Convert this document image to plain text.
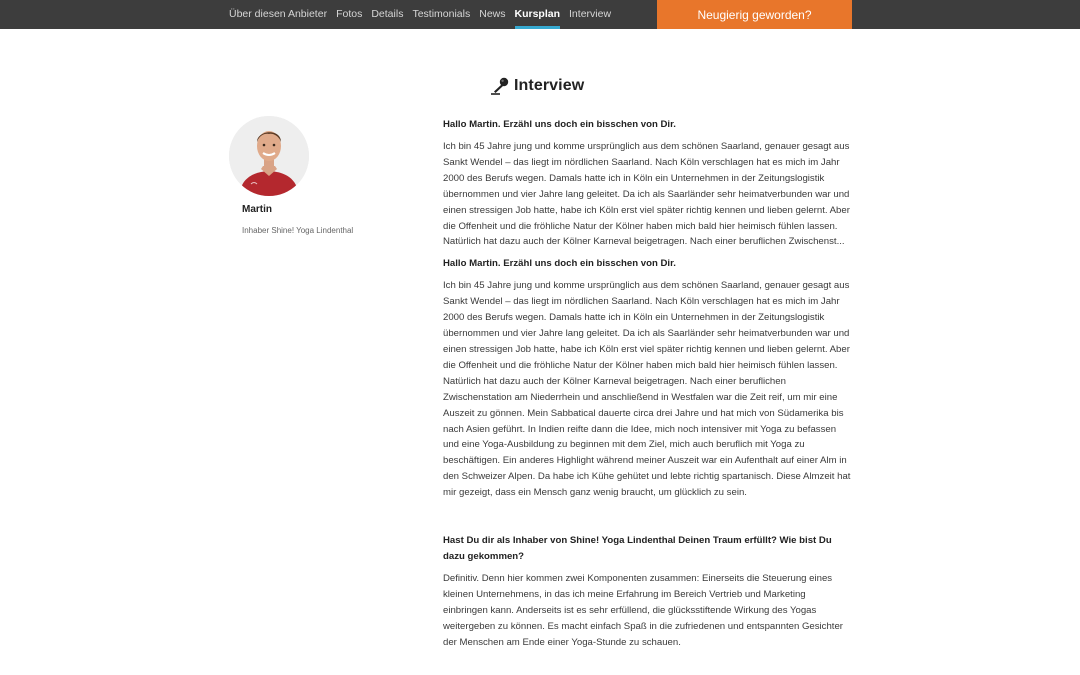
Über diesen Anbieter Fotos Details Testimonials News Kursplan Interview	Neugierig geworden?
Interview
Martin
Inhaber Shine! Yoga Lindenthal

Hallo Martin. Erzähl uns doch ein bisschen von Dir.

Ich bin 45 Jahre jung und komme ursprünglich aus dem schönen Saarland, genauer gesagt aus Sankt Wendel – das liegt im nördlichen Saarland. Nach Köln verschlagen hat es mich im Jahr 2000 des Berufs wegen. Damals hatte ich in Köln ein Unternehmen in der Zeitungslogistik übernommen und vier Jahre lang geleitet. Da ich als Saarländer sehr heimatverbunden war und einen stressigen Job hatte, habe ich Köln erst viel später richtig kennen und lieben gelernt. Aber die Offenheit und die fröhliche Natur der Kölner haben mich bald hier heimisch fühlen lassen. Natürlich hat dazu auch der Kölner Karneval beigetragen. Nach einer beruflichen Zwischenst...

Hallo Martin. Erzähl uns doch ein bisschen von Dir.

Ich bin 45 Jahre jung und komme ursprünglich aus dem schönen Saarland, genauer gesagt aus Sankt Wendel – das liegt im nördlichen Saarland. Nach Köln verschlagen hat es mich im Jahr 2000 des Berufs wegen. Damals hatte ich in Köln ein Unternehmen in der Zeitungslogistik übernommen und vier Jahre lang geleitet. Da ich als Saarländer sehr heimatverbunden war und einen stressigen Job hatte, habe ich Köln erst viel später richtig kennen und lieben gelernt. Aber die Offenheit und die fröhliche Natur der Kölner haben mich bald hier heimisch fühlen lassen. Natürlich hat dazu auch der Kölner Karneval beigetragen. Nach einer beruflichen Zwischenstation am Niederrhein und anschließend in Westfalen war die Zeit reif, um mir eine Auszeit zu gönnen. Mein Sabbatical dauerte circa drei Jahre und hat mich von Südamerika bis nach Asien geführt. In Indien reifte dann die Idee, mich noch intensiver mit Yoga zu befassen und eine Yoga-Ausbildung zu beginnen mit dem Ziel, mich auch beruflich mit Yoga zu beschäftigen. Ein anderes Highlight während meiner Auszeit war ein Aufenthalt auf einer Alm in den Schweizer Alpen. Da habe ich Kühe gehütet und lebte richtig spartanisch. Diese Almzeit hat mir gezeigt, dass ein Mensch ganz wenig braucht, um glücklich zu sein.

Hast Du dir als Inhaber von Shine! Yoga Lindenthal Deinen Traum erfüllt? Wie bist Du dazu gekommen?

Definitiv. Denn hier kommen zwei Komponenten zusammen: Einerseits die Steuerung eines kleinen Unternehmens, in das ich meine Erfahrung im Bereich Vertrieb und Marketing einbringen kann. Anderseits ist es sehr erfüllend, die glücksstiftende Wirkung des Yogas weitergeben zu können. Es macht einfach Spaß in die zufriedenen und entspannten Gesichter der Menschen am Ende einer Yoga-Stunde zu schauen.
